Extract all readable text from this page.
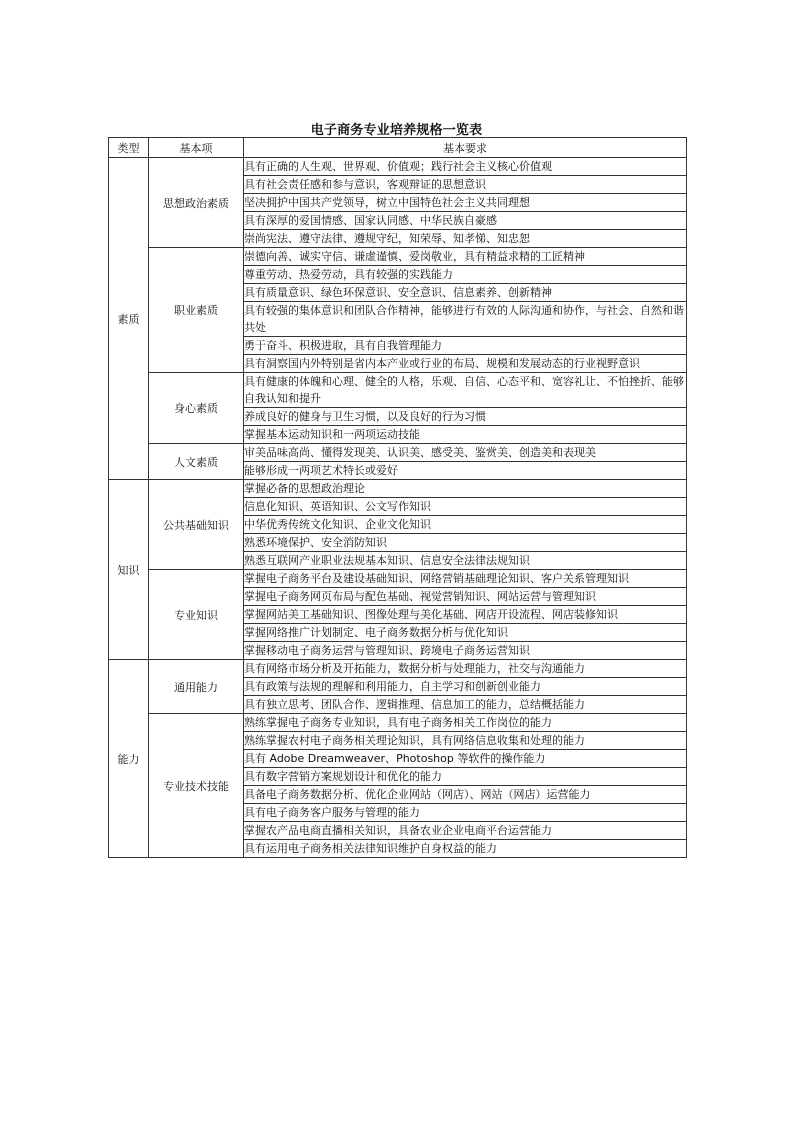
电子商务专业培养规格一览表
类型	基本项	基本要求
素质	思想政治素质	具有正确的人生观、世界观、价值观；践行社会主义核心价值观
		具有社会责任感和参与意识，客观辩证的思想意识
		坚决拥护中国共产党领导，树立中国特色社会主义共同理想
		具有深厚的爱国情感、国家认同感、中华民族自豪感
		崇尚宪法、遵守法律、遵规守纪，知荣辱、知孝悌、知忠恕
	职业素质	崇德向善、诚实守信、谦虚谨慎、爱岗敬业，具有精益求精的工匠精神
		尊重劳动、热爱劳动，具有较强的实践能力
		具有质量意识、绿色环保意识、安全意识、信息素养、创新精神
		具有较强的集体意识和团队合作精神，能够进行有效的人际沟通和协作，与社会、自然和谐共处
		勇于奋斗、积极进取，具有自我管理能力
		具有洞察国内外特别是省内本产业或行业的布局、规模和发展动态的行业视野意识
	身心素质	具有健康的体魄和心理、健全的人格，乐观、自信、心态平和、宽容礼让、不怕挫折、能够自我认知和提升
		养成良好的健身与卫生习惯，以及良好的行为习惯
		掌握基本运动知识和一两项运动技能
	人文素质	审美品味高尚、懂得发现美、认识美、感受美、鉴赏美、创造美和表现美
		能够形成一两项艺术特长或爱好
知识	公共基础知识	掌握必备的思想政治理论
		信息化知识、英语知识、公文写作知识
		中华优秀传统文化知识、企业文化知识
		熟悉环境保护、安全消防知识
		熟悉互联网产业职业法规基本知识、信息安全法律法规知识
	专业知识	掌握电子商务平台及建设基础知识、网络营销基础理论知识、客户关系管理知识
		掌握电子商务网页布局与配色基础、视觉营销知识、网站运营与管理知识
		掌握网站美工基础知识、图像处理与美化基础、网店开设流程、网店装修知识
		掌握网络推广计划制定、电子商务数据分析与优化知识
		掌握移动电子商务运营与管理知识、跨境电子商务运营知识
能力	通用能力	具有网络市场分析及开拓能力，数据分析与处理能力，社交与沟通能力
		具有政策与法规的理解和利用能力，自主学习和创新创业能力
		具有独立思考、团队合作、逻辑推理、信息加工的能力，总结概括能力
	专业技术技能	熟练掌握电子商务专业知识，具有电子商务相关工作岗位的能力
		熟练掌握农村电子商务相关理论知识，具有网络信息收集和处理的能力
		具有 Adobe Dreamweaver、Photoshop 等软件的操作能力
		具有数字营销方案规划设计和优化的能力
		具备电子商务数据分析、优化企业网站（网店）、网站（网店）运营能力
		具有电子商务客户服务与管理的能力
		掌握农产品电商直播相关知识，具备农业企业电商平台运营能力
		具有运用电子商务相关法律知识维护自身权益的能力
